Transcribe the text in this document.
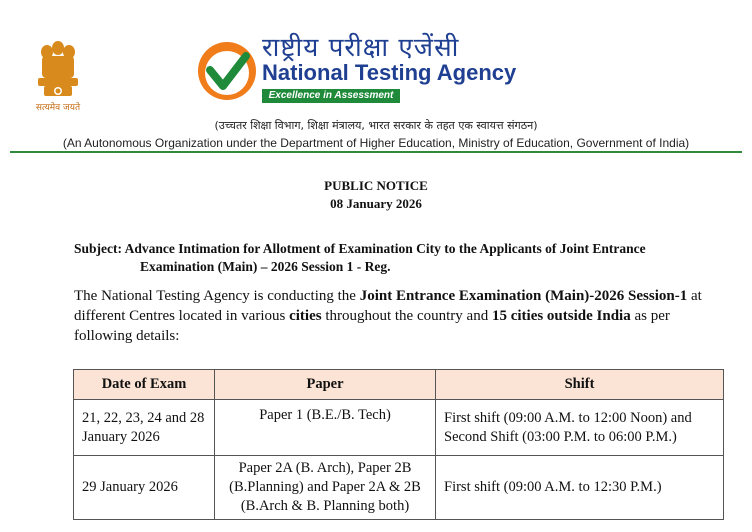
सत्यमेव जयते
राष्ट्रीय परीक्षा एजेंसी
National Testing Agency
Excellence in Assessment
(उच्चतर शिक्षा विभाग, शिक्षा मंत्रालय, भारत सरकार के तहत एक स्वायत्त संगठन)
(An Autonomous Organization under the Department of Higher Education, Ministry of Education, Government of India)
PUBLIC NOTICE
08 January 2026
Subject: Advance Intimation for Allotment of Examination City to the Applicants of Joint Entrance
Examination (Main) – 2026 Session 1 - Reg.
The National Testing Agency is conducting the Joint Entrance Examination (Main)-2026 Session-1 at different Centres located in various cities throughout the country and 15 cities outside India as per following details:
Date of Exam	Paper	Shift
21, 22, 23, 24 and 28 January 2026	Paper 1 (B.E./B. Tech)	First shift (09:00 A.M. to 12:00 Noon) and Second Shift (03:00 P.M. to 06:00 P.M.)
29 January 2026	Paper 2A (B. Arch), Paper 2B (B.Planning) and Paper 2A & 2B (B.Arch & B. Planning both)	First shift (09:00 A.M. to 12:30 P.M.)
